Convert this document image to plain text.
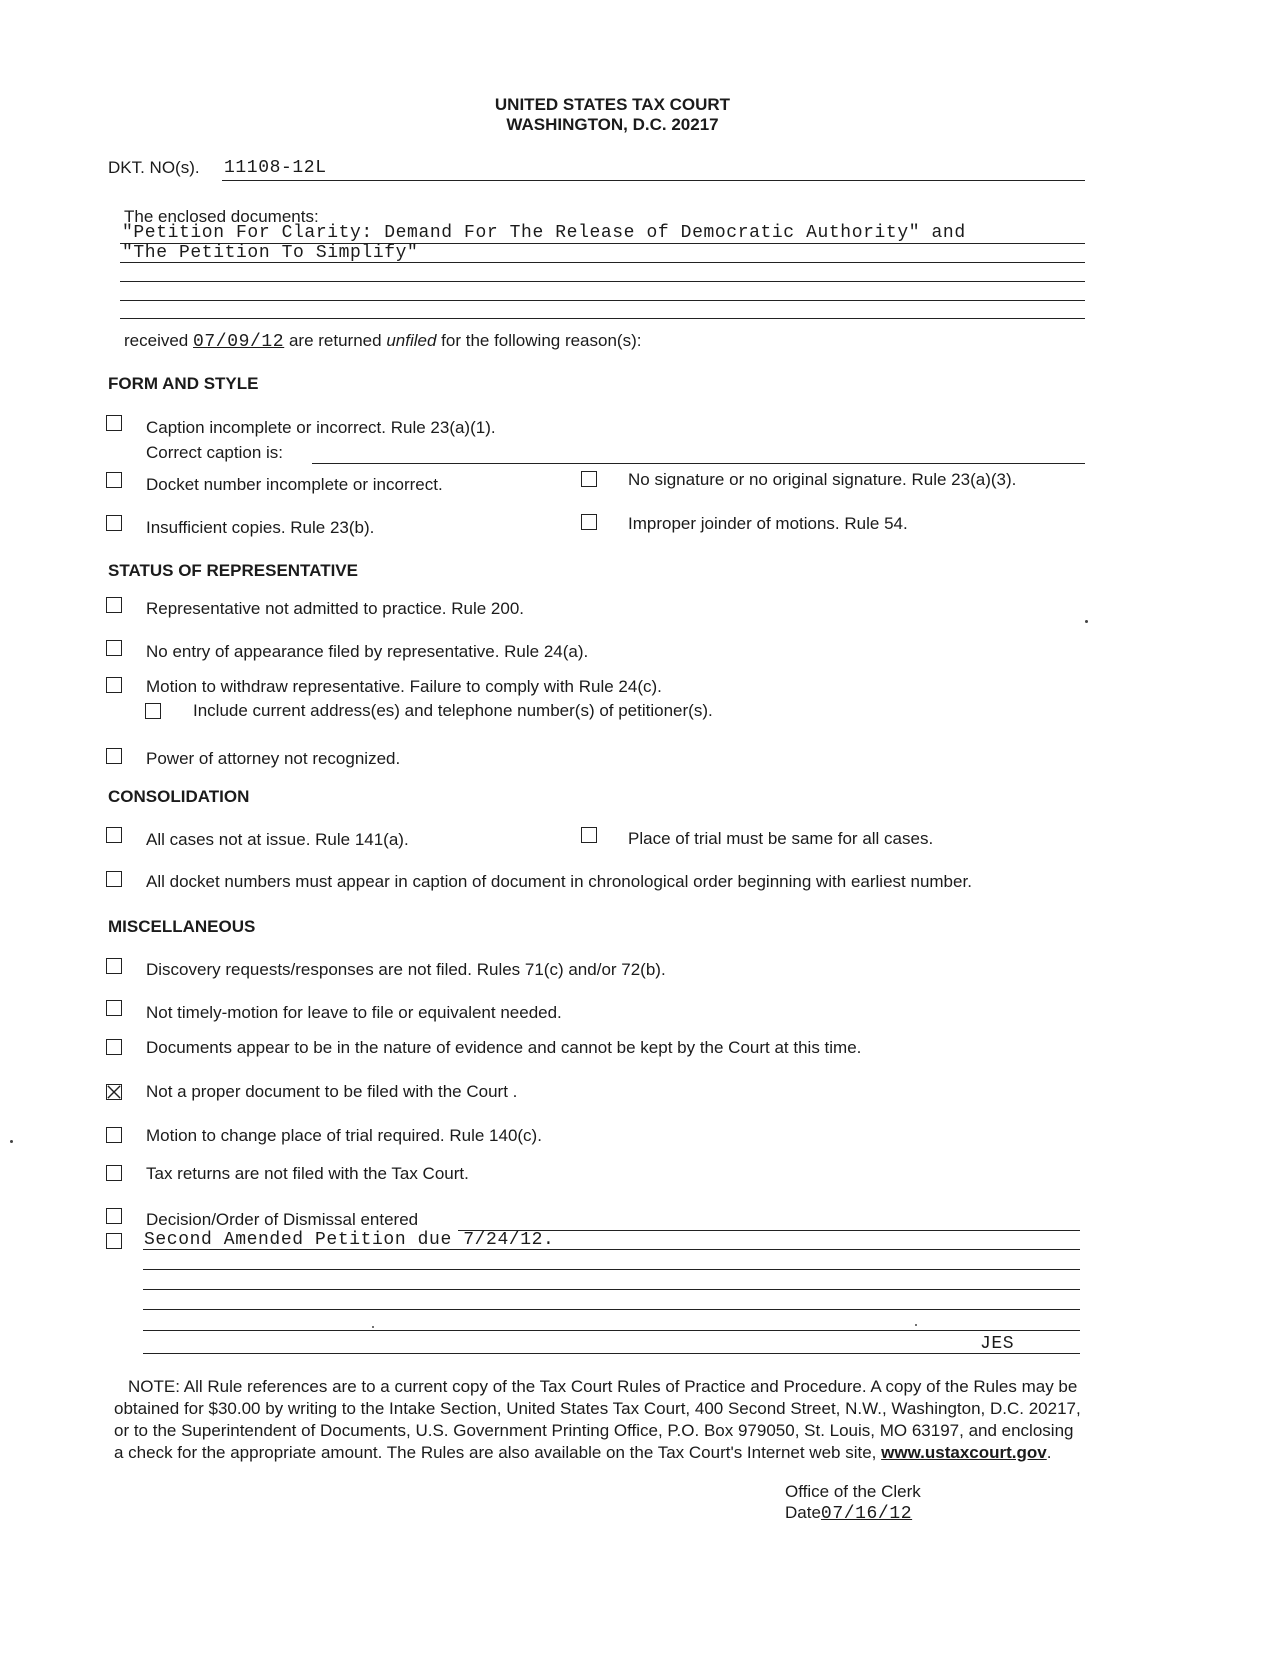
UNITED STATES TAX COURT
WASHINGTON, D.C. 20217
DKT. NO(s). 11108-12L
The enclosed documents:
"Petition For Clarity: Demand For The Release of Democratic Authority" and
"The Petition To Simplify"
received 07/09/12 are returned unfiled for the following reason(s):
FORM AND STYLE
Caption incomplete or incorrect. Rule 23(a)(1).
Correct caption is:
Docket number incomplete or incorrect.	No signature or no original signature. Rule 23(a)(3).
Insufficient copies. Rule 23(b).	Improper joinder of motions. Rule 54.
STATUS OF REPRESENTATIVE
Representative not admitted to practice. Rule 200.
No entry of appearance filed by representative. Rule 24(a).
Motion to withdraw representative. Failure to comply with Rule 24(c).
Include current address(es) and telephone number(s) of petitioner(s).
Power of attorney not recognized.
CONSOLIDATION
All cases not at issue. Rule 141(a).	Place of trial must be same for all cases.
All docket numbers must appear in caption of document in chronological order beginning with earliest number.
MISCELLANEOUS
Discovery requests/responses are not filed. Rules 71(c) and/or 72(b).
Not timely-motion for leave to file or equivalent needed.
Documents appear to be in the nature of evidence and cannot be kept by the Court at this time.
Not a proper document to be filed with the Court .
Motion to change place of trial required. Rule 140(c).
Tax returns are not filed with the Tax Court.
Decision/Order of Dismissal entered
Second Amended Petition due 7/24/12.
JES
NOTE: All Rule references are to a current copy of the Tax Court Rules of Practice and Procedure. A copy of the Rules may be obtained for $30.00 by writing to the Intake Section, United States Tax Court, 400 Second Street, N.W., Washington, D.C. 20217, or to the Superintendent of Documents, U.S. Government Printing Office, P.O. Box 979050, St. Louis, MO 63197, and enclosing a check for the appropriate amount. The Rules are also available on the Tax Court's Internet web site, www.ustaxcourt.gov.
Office of the Clerk
Date07/16/12
